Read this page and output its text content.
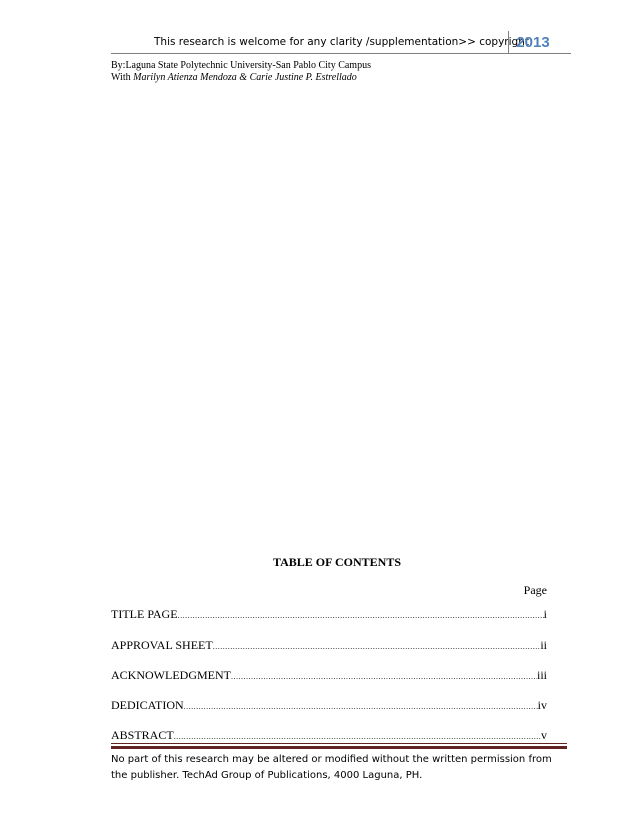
This research is welcome for any clarity /supplementation>> copyright
2013
By:Laguna State Polytechnic University-San Pablo City Campus
With Marilyn Atienza Mendoza & Carie Justine P. Estrellado
TABLE OF CONTENTS
Page
TITLE PAGE .....	i
APPROVAL SHEET .....	ii
ACKNOWLEDGMENT .....	iii
DEDICATION .....	iv
ABSTRACT .....	v
No part of this research may be altered or modified without the written permission from
the publisher. TechAd Group of Publications, 4000 Laguna, PH.
